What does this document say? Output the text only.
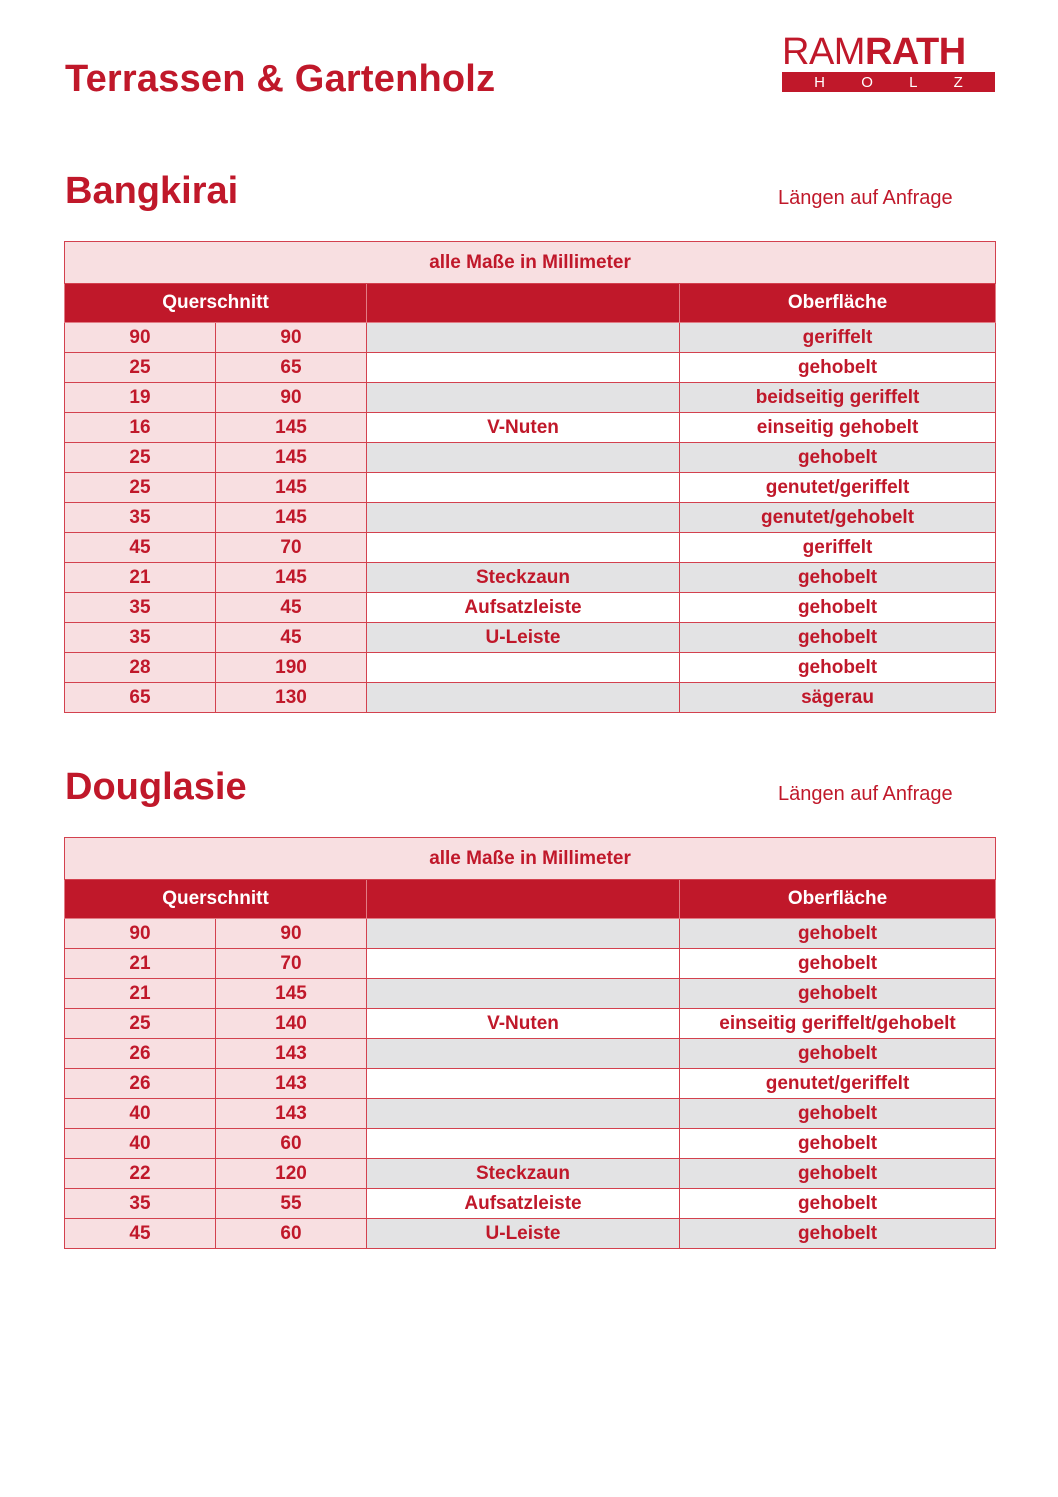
Terrassen & Gartenholz
RAMRATH
H O L Z
Bangkirai	Längen auf Anfrage
alle Maße in Millimeter			
Querschnitt			Oberfläche
90	90		geriffelt
25	65		gehobelt
19	90		beidseitig geriffelt
16	145	V-Nuten	einseitig gehobelt
25	145		gehobelt
25	145		genutet/geriffelt
35	145		genutet/gehobelt
45	70		geriffelt
21	145	Steckzaun	gehobelt
35	45	Aufsatzleiste	gehobelt
35	45	U-Leiste	gehobelt
28	190		gehobelt
65	130		sägerau
Douglasie	Längen auf Anfrage
alle Maße in Millimeter			
Querschnitt			Oberfläche
90	90		gehobelt
21	70		gehobelt
21	145		gehobelt
25	140	V-Nuten	einseitig geriffelt/gehobelt
26	143		gehobelt
26	143		genutet/geriffelt
40	143		gehobelt
40	60		gehobelt
22	120	Steckzaun	gehobelt
35	55	Aufsatzleiste	gehobelt
45	60	U-Leiste	gehobelt
